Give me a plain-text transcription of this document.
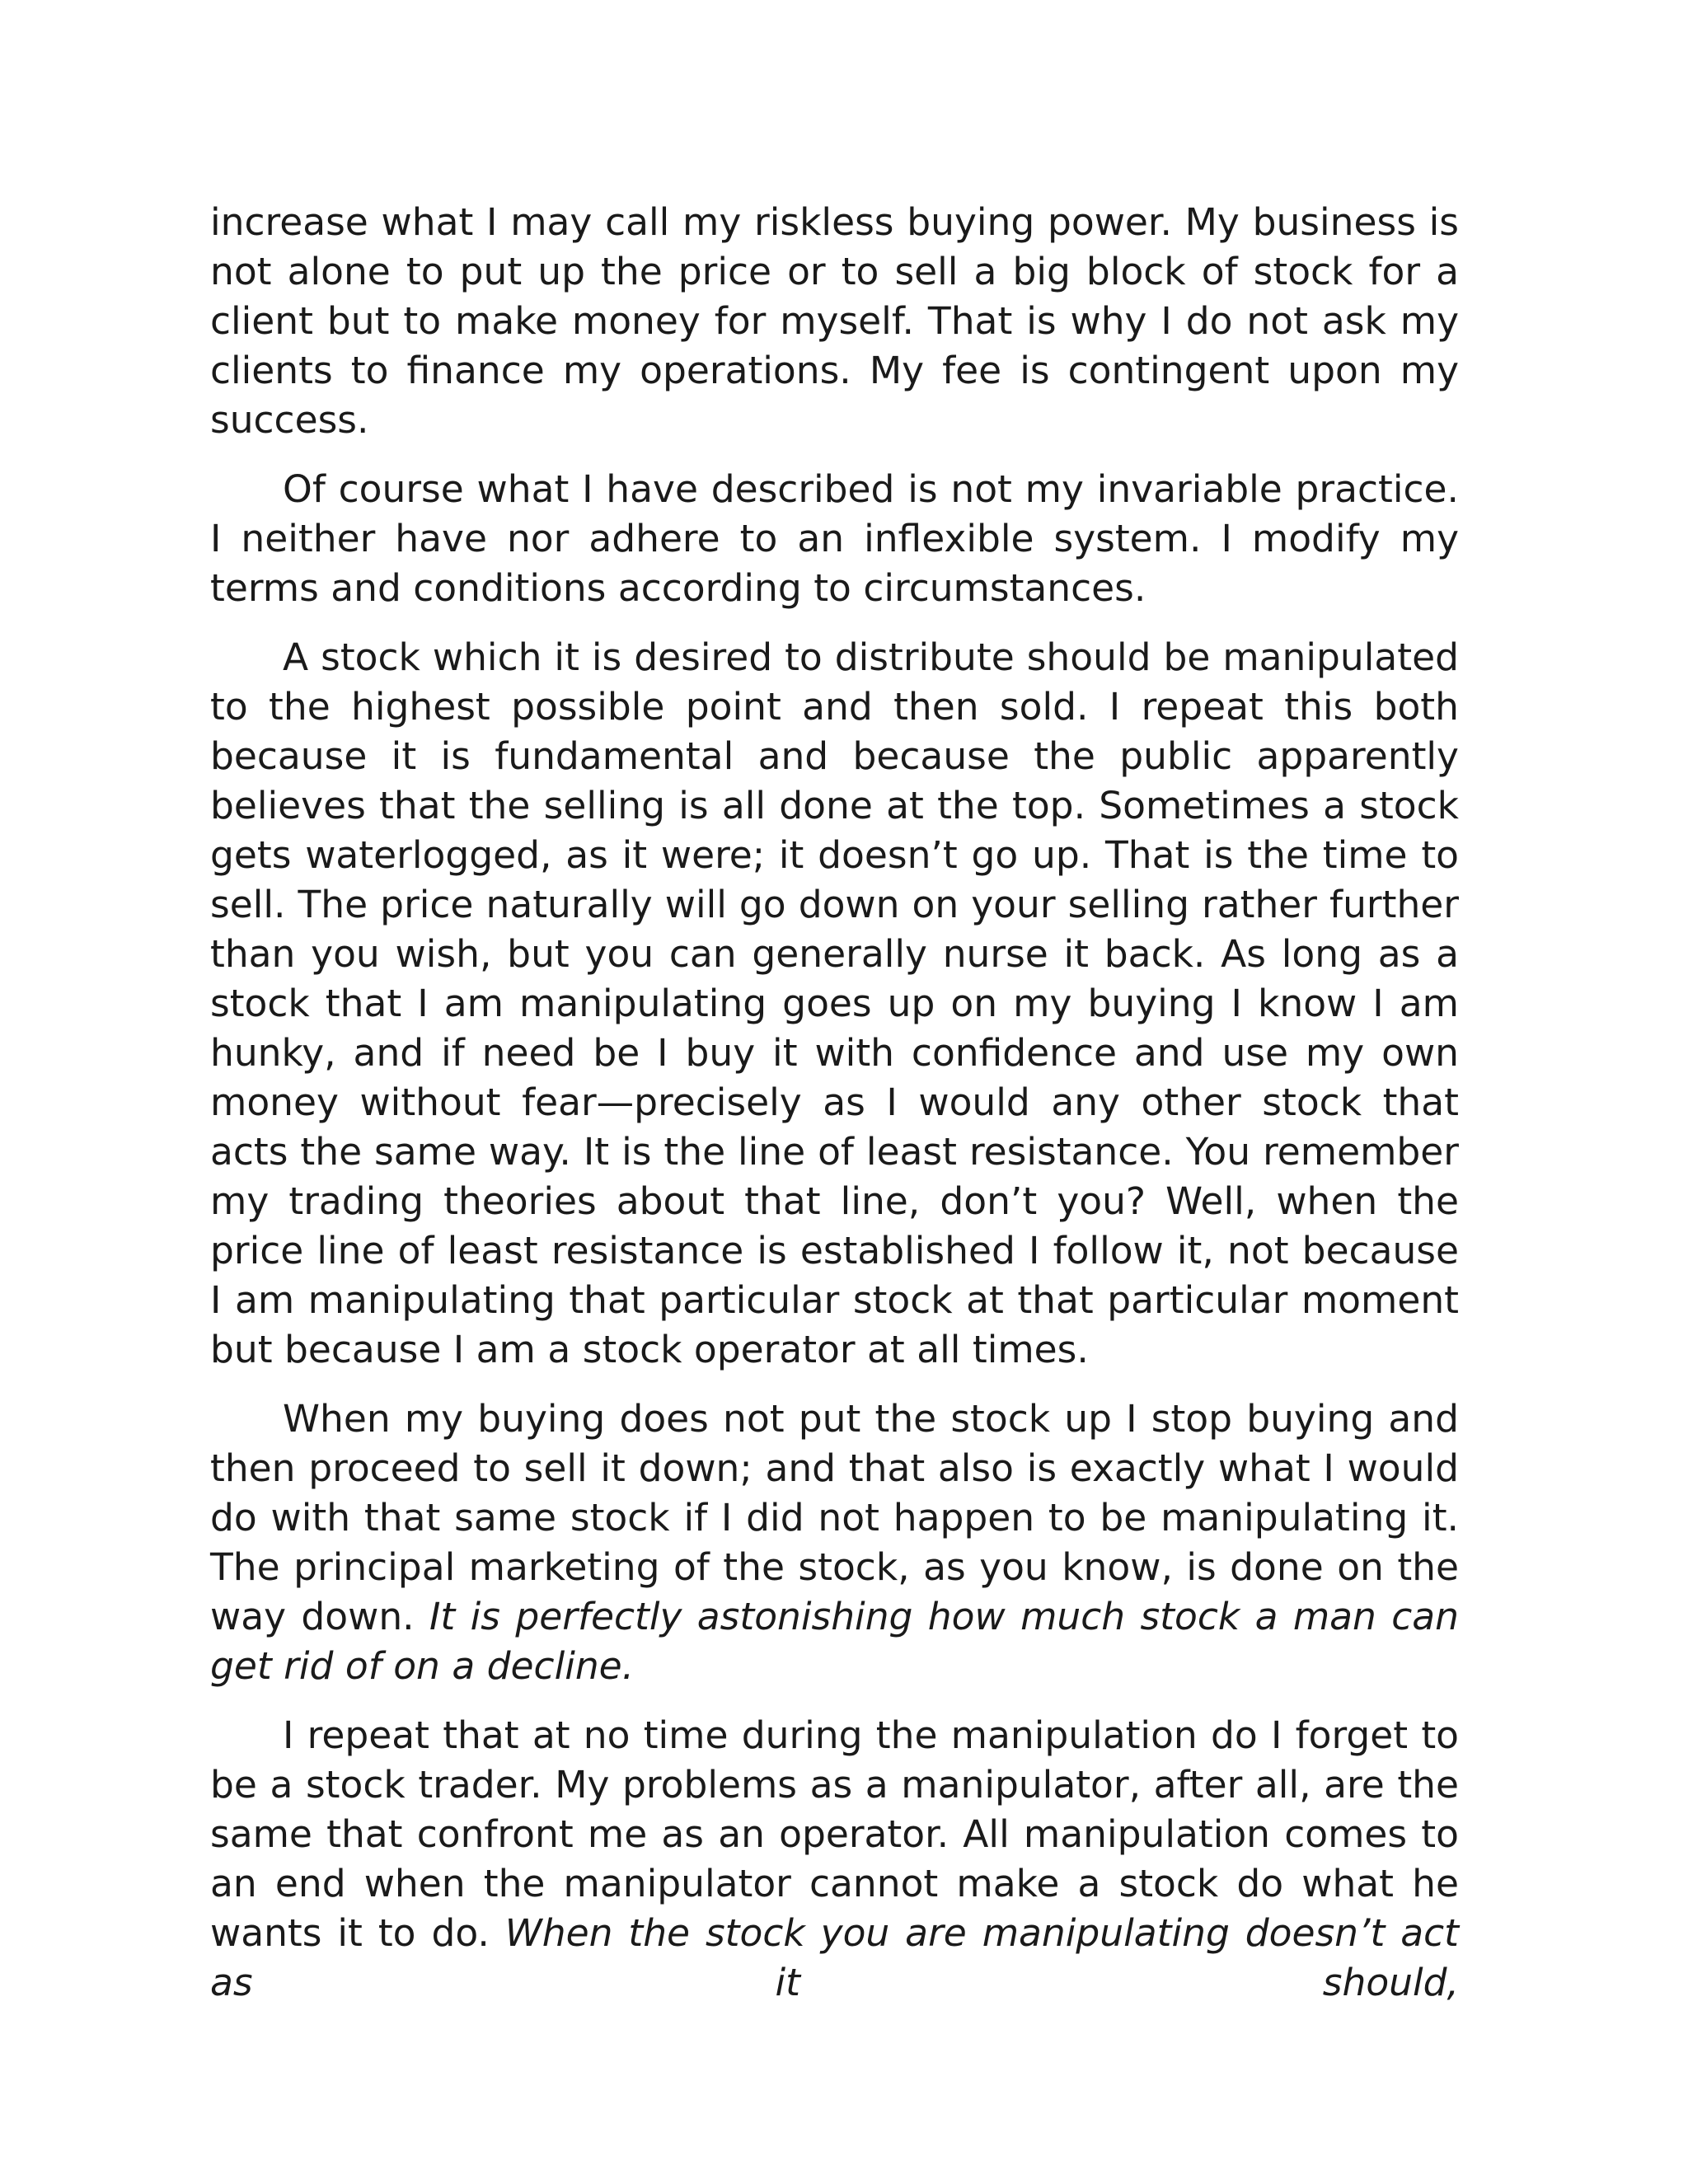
increase what I may call my riskless buying power. My business is not alone to put up the price or to sell a big block of stock for a client but to make money for myself. That is why I do not ask my clients to finance my operations. My fee is contingent upon my success.

Of course what I have described is not my invariable practice. I neither have nor adhere to an inflexible system. I modify my terms and conditions according to circumstances.

A stock which it is desired to distribute should be manipulated to the highest possible point and then sold. I repeat this both because it is fundamental and because the public apparently believes that the selling is all done at the top. Sometimes a stock gets waterlogged, as it were; it doesn’t go up. That is the time to sell. The price naturally will go down on your selling rather further than you wish, but you can generally nurse it back. As long as a stock that I am manipulating goes up on my buying I know I am hunky, and if need be I buy it with confidence and use my own money without fear—precisely as I would any other stock that acts the same way. It is the line of least resistance. You remember my trading theories about that line, don’t you? Well, when the price line of least resistance is established I follow it, not because I am manipulating that particular stock at that particular moment but because I am a stock operator at all times.

When my buying does not put the stock up I stop buying and then proceed to sell it down; and that also is exactly what I would do with that same stock if I did not happen to be manipulating it. The principal marketing of the stock, as you know, is done on the way down. It is perfectly astonishing how much stock a man can get rid of on a decline.

I repeat that at no time during the manipulation do I forget to be a stock trader. My problems as a manipulator, after all, are the same that confront me as an operator. All manipulation comes to an end when the manipulator cannot make a stock do what he wants it to do. When the stock you are manipulating doesn’t act as it should,
